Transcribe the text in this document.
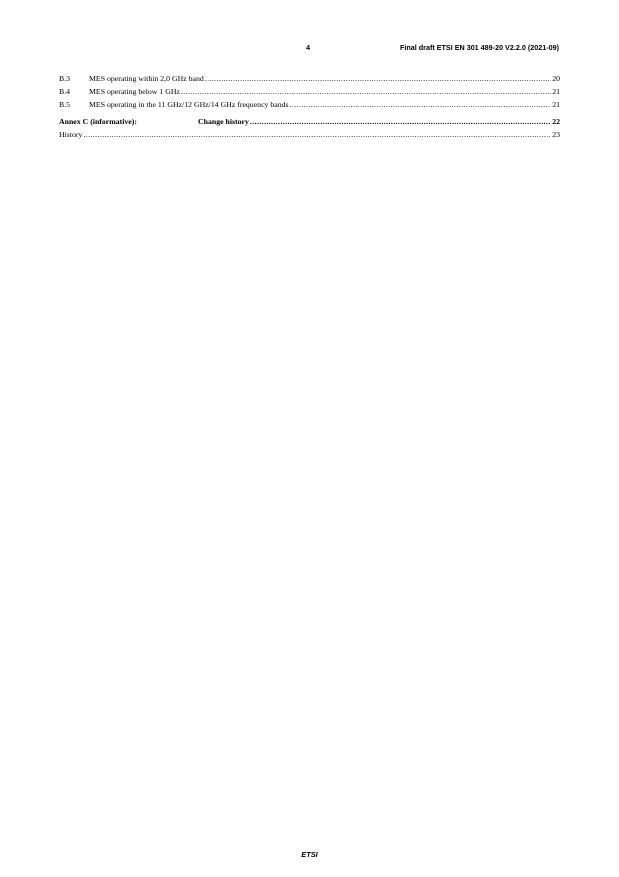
4	Final draft ETSI EN 301 489-20 V2.2.0 (2021-09)
B.3	MES operating within 2,0 GHz band .....	20
B.4	MES operating below 1 GHz .....	21
B.5	MES operating in the 11 GHz/12 GHz/14 GHz frequency bands .....	21
Annex C (informative):	Change history .....	22
History .....	23
ETSI
